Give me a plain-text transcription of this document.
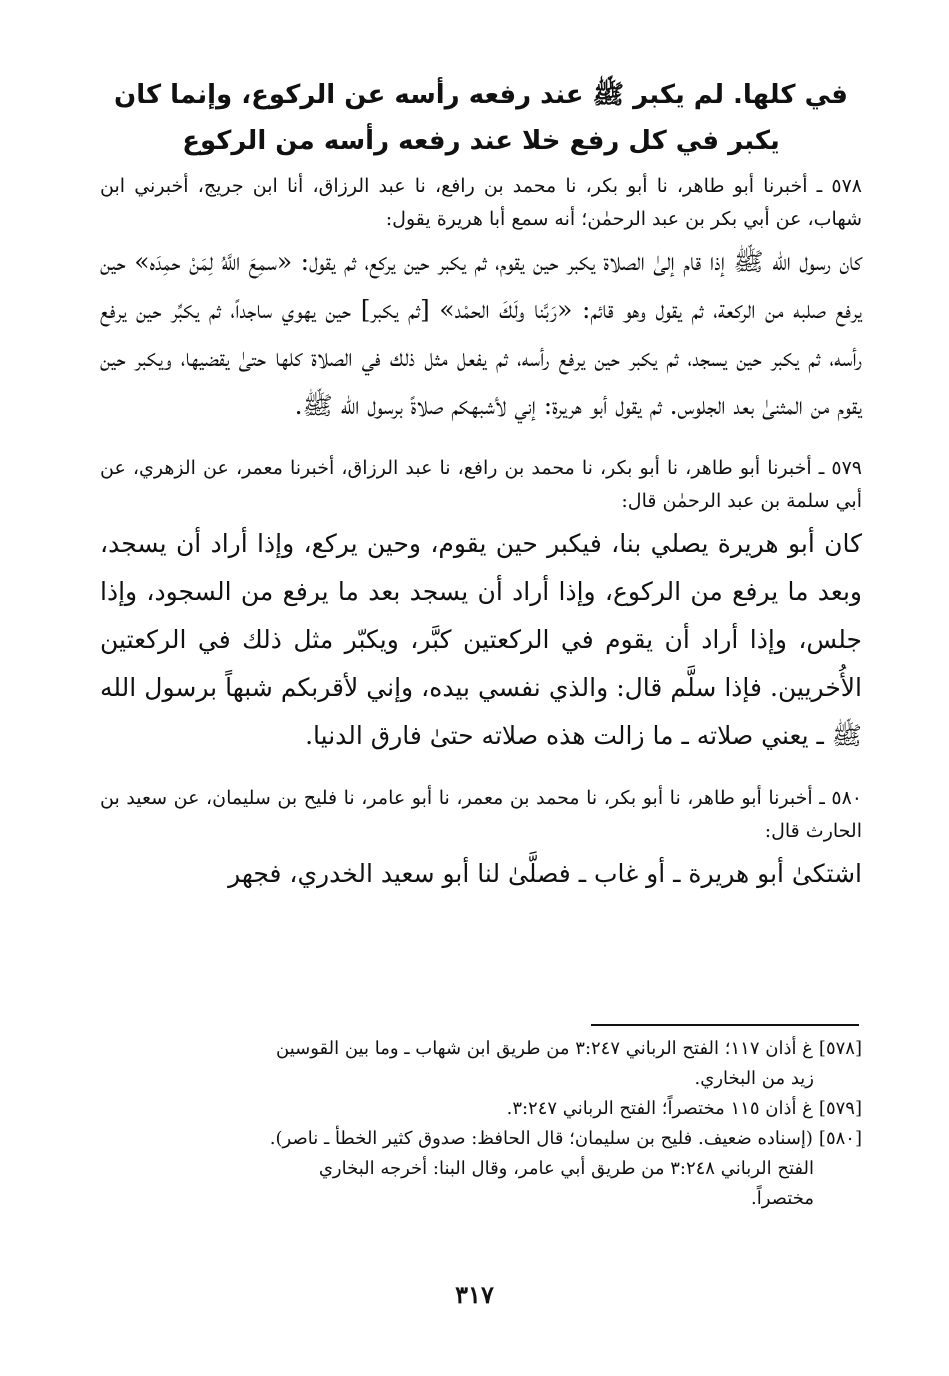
في كلها. لم يكبر ﷺ عند رفعه رأسه عن الركوع، وإنما كان يكبر في كل رفع خلا عند رفعه رأسه من الركوع

٥٧٨ ـ أخبرنا أبو طاهر، نا أبو بكر، نا محمد بن رافع، نا عبد الرزاق، أنا ابن جريج، أخبرني ابن شهاب، عن أبي بكر بن عبد الرحمٰن؛ أنه سمع أبا هريرة يقول:

كان رسول الله ﷺ إذا قام إلىٰ الصلاة يكبر حين يقوم، ثم يكبر حين يركع، ثم يقول: «سمِعَ اللَّهُ لِمَنْ حمِدَه» حين يرفع صلبه من الركعة، ثم يقول وهو قائم: «رَبَّنا ولَكَ الحمْد» [ثم يكبر] حين يهوي ساجداً، ثم يكبِّر حين يرفع رأسه، ثم يكبر حين يسجد، ثم يكبر حين يرفع رأسه، ثم يفعل مثل ذلك في الصلاة كلها حتىٰ يقضيها، ويكبر حين يقوم من المثنىٰ بعد الجلوس. ثم يقول أبو هريرة: إني لأشبهكم صلاةً برسول الله ﷺ.

٥٧٩ ـ أخبرنا أبو طاهر، نا أبو بكر، نا محمد بن رافع، نا عبد الرزاق، أخبرنا معمر، عن الزهري، عن أبي سلمة بن عبد الرحمٰن قال:

كان أبو هريرة يصلي بنا، فيكبر حين يقوم، وحين يركع، وإذا أراد أن يسجد، وبعد ما يرفع من الركوع، وإذا أراد أن يسجد بعد ما يرفع من السجود، وإذا جلس، وإذا أراد أن يقوم في الركعتين كبَّر، ويكبّر مثل ذلك في الركعتين الأُخريين. فإذا سلَّم قال: والذي نفسي بيده، وإني لأقربكم شبهاً برسول الله ﷺ ـ يعني صلاته ـ ما زالت هذه صلاته حتىٰ فارق الدنيا.

٥٨٠ ـ أخبرنا أبو طاهر، نا أبو بكر، نا محمد بن معمر، نا أبو عامر، نا فليح بن سليمان، عن سعيد بن الحارث قال:

اشتكىٰ أبو هريرة ـ أو غاب ـ فصلَّىٰ لنا أبو سعيد الخدري، فجهر

[٥٧٨]غ أذان ١١٧؛ الفتح الرباني ٣:٢٤٧ من طريق ابن شهاب ـ وما بين القوسين

زيد من البخاري.

[٥٧٩]غ أذان ١١٥ مختصراً؛ الفتح الرباني ٣:٢٤٧.

[٥٨٠](إسناده ضعيف. فليح بن سليمان؛ قال الحافظ: صدوق كثير الخطأ ـ ناصر).

الفتح الرباني ٣:٢٤٨ من طريق أبي عامر، وقال البنا: أخرجه البخاري

مختصراً.

٣١٧
